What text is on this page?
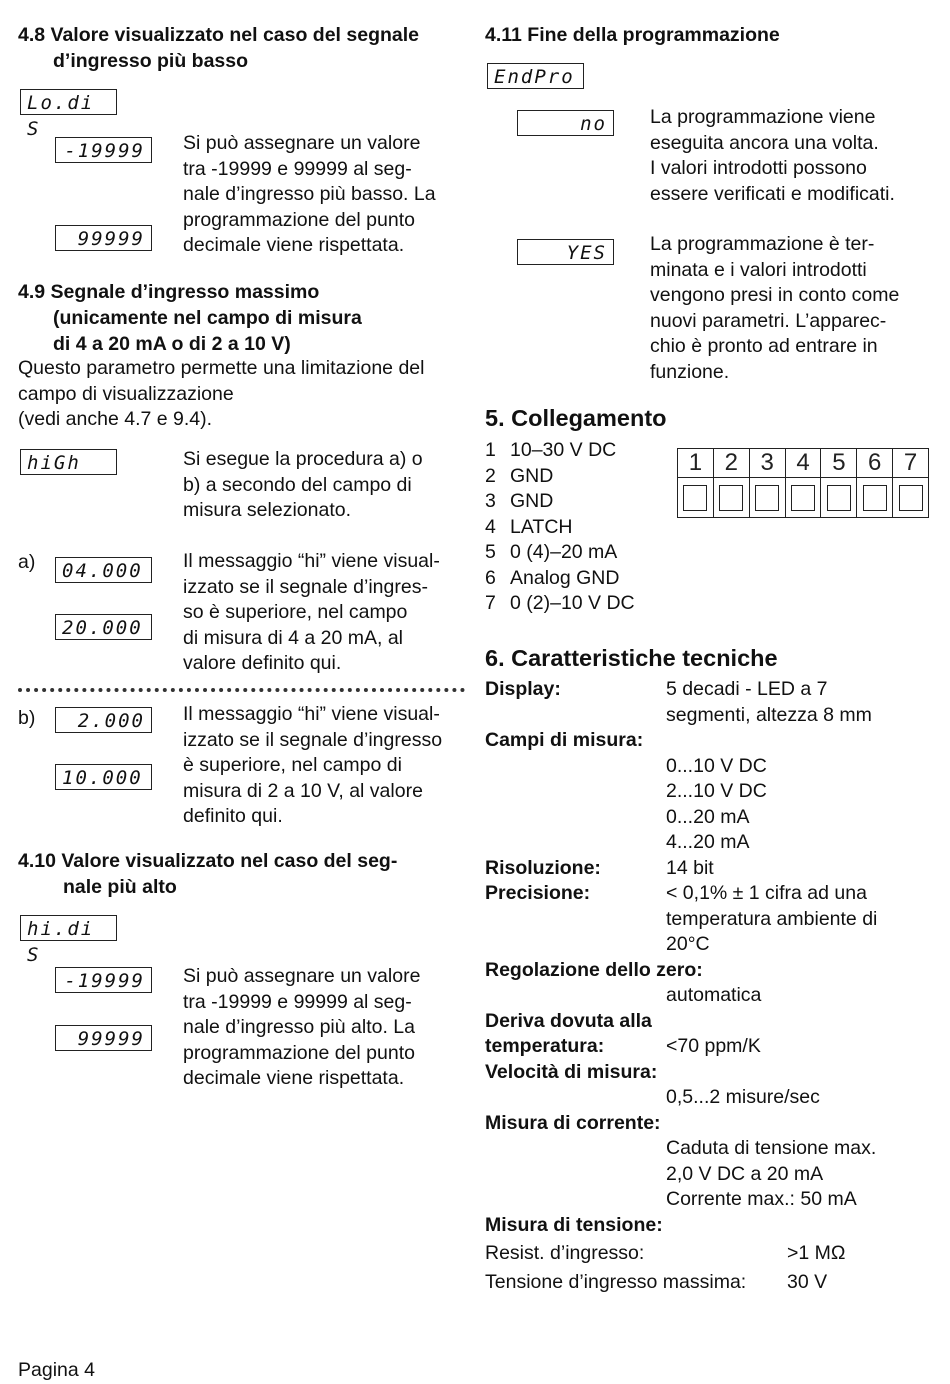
4.8 Valore visualizzato nel caso del segnale
d’ingresso più basso
Lo.di S
-19999
99999
Si può assegnare un valore
tra -19999 e 99999 al seg-
nale d’ingresso più basso. La
programmazione del punto
decimale viene rispettata.
4.9 Segnale d’ingresso massimo
(unicamente nel campo di misura
di 4 a 20 mA o di 2 a 10 V)
Questo parametro permette una limitazione del
campo di visualizzazione
(vedi anche 4.7 e 9.4).
hiGh	Si esegue la procedura a) o
b) a secondo del campo di
misura selezionato.
a)	04.000
20.000
Il messaggio “hi” viene visual-
izzato se il segnale d’ingres-
so è superiore, nel campo
di misura di 4 a 20 mA, al
valore definito qui.
b)	2.000
10.000
Il messaggio “hi” viene visual-
izzato se il segnale d’ingresso
è superiore, nel campo di
misura di 2 a 10 V, al valore
definito qui.
4.10 Valore visualizzato nel caso del seg-
nale più alto
hi.di S
-19999
99999
Si può assegnare un valore
tra -19999 e 99999 al seg-
nale d’ingresso più alto. La
programmazione del punto
decimale viene rispettata.
4.11 Fine della programmazione
EndPro
no	La programmazione viene
eseguita ancora una volta.
I valori introdotti possono
essere verificati e modificati.
YES	La programmazione è ter-
minata e i valori introdotti
vengono presi in conto come
nuovi parametri. L’apparec-
chio è pronto ad entrare in
funzione.
5. Collegamento
1 10–30 V DC
2 GND
3 GND
4 LATCH
5 0 (4)–20 mA
6 Analog GND
7 0 (2)–10 V DC
1 2 3 4 5 6 7
6. Caratteristiche tecniche
Display:	5 decadi - LED a 7
segmenti, altezza 8 mm
Campi di misura:
0...10 V DC
2...10 V DC
0...20 mA
4...20 mA
Risoluzione:	14 bit
Precisione:	< 0,1% ± 1 cifra ad una
temperatura ambiente di
20°C
Regolazione dello zero:
automatica
Deriva dovuta alla
temperatura:	<70 ppm/K
Velocità di misura:
0,5...2 misure/sec
Misura di corrente:
Caduta di tensione max.
2,0 V DC a 20 mA
Corrente max.: 50 mA
Misura di tensione:
Resist. d’ingresso:	>1 MΩ
Tensione d’ingresso massima: 30 V
Pagina 4
